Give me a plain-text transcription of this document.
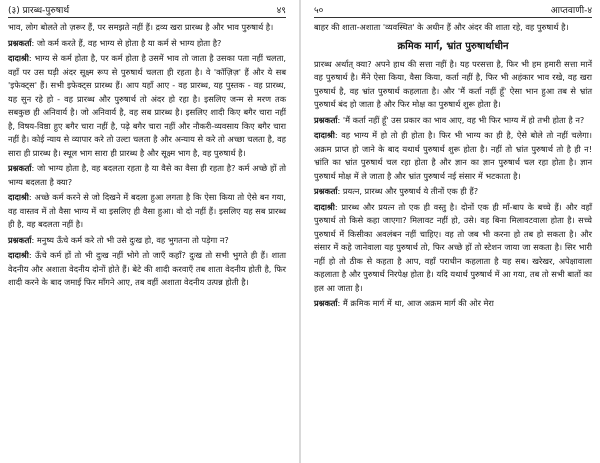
(३) प्रारब्ध-पुरुषार्थ	४९

भाव, लोग बोलते तो ज़रूर हैं, पर समझते नहीं हैं। द्रव्य खरा प्रारब्ध है और भाव पुरुषार्थ है।

प्रश्नकर्ता: जो कर्म करते हैं, वह भाग्य से होता है या कर्म से भाग्य होता है?

दादाश्री: भाग्य से कर्म होता है, पर कर्म होता है उसमें भाव तो जाता है उसका पता नहीं चलता, वहाँ पर उस घड़ी अंदर सूक्ष्म रूप से पुरुषार्थ चलता ही रहता है। वे 'कॉज़िज़' हैं और ये सब 'इफेक्ट्स' हैं। सभी इफेक्ट्स प्रारब्ध हैं। आप यहाँ आए - वह प्रारब्ध, यह पुस्तक - वह प्रारब्ध, यह सुन रहे हो - वह प्रारब्ध और पुरुषार्थ तो अंदर हो रहा है। इसलिए जन्म से मरण तक सबकुछ ही अनिवार्य है। जो अनिवार्य है, वह सब प्रारब्ध है। इसलिए शादी किए बगैर चारा नहीं है, विषय-विष्ठा हुए बगैर चारा नहीं है, पढ़े बगैर चारा नहीं और नौकरी-व्यवसाय किए बगैर चारा नहीं है। कोई न्याय से व्यापार करे तो उल्टा चलता है और अन्याय से करे तो अच्छा चलता है, वह सारा ही प्रारब्ध है। स्थूल भाग सारा ही प्रारब्ध है और सूक्ष्म भाग है, वह पुरुषार्थ है।

प्रश्नकर्ता: जो भाग्य होता है, वह बदलता रहता है या वैसे का वैसा ही रहता है? कर्म अच्छे हों तो भाग्य बदलता है क्या?

दादाश्री: अच्छे कर्म करने से जो दिखने में बदला हुआ लगता है कि ऐसा किया तो ऐसे बन गया, वह वास्तव में तो वैसा भाग्य में था इसलिए ही वैसा हुआ। वो दो नहीं हैं। इसलिए यह सब प्रारब्ध ही है, वह बदलता नहीं है।

प्रश्नकर्ता: मनुष्य ऊँचे कर्म करे तो भी उसे दुःख हो, वह भुगतना तो पड़ेगा न?

दादाश्री: ऊँचे कर्म हों तो भी दुःख नहीं भोगे तो जाएँ कहाँ? दुःख तो सभी भुगते ही हैं। शाता वेदनीय और अशाता वेदनीय दोनों होते हैं। बेटे की शादी करवाएँ तब शाता वेदनीय होती है, फिर शादी करने के बाद जमाई फिर माँगने आए, तब वहीं अशाता वेदनीय उत्पन्न होती है।

५०	आप्तवाणी-४

बाहर की शाता-अशाता 'व्यवस्थित' के अधीन हैं और अंदर की शाता रहे, वह पुरुषार्थ है।

क्रमिक मार्ग, भ्रांत पुरुषार्थाधीन

प्रारब्ध अर्थात् क्या? अपने हाथ की सत्ता नहीं है। यह परसत्ता है, फिर भी हम हमारी सत्ता मानें वह पुरुषार्थ है। मैंने ऐसा किया, वैसा किया, कर्ता नहीं है, फिर भी अहंकार भाव रखे, वह खरा पुरुषार्थ है, वह भ्रांत पुरुषार्थ कहलाता है। और 'मैं कर्ता नहीं हूँ' ऐसा भान हुआ तब से भ्रांत पुरुषार्थ बंद हो जाता है और फिर मोक्ष का पुरुषार्थ शुरू होता है।

प्रश्नकर्ता: 'मैं कर्ता नहीं हूँ' उस प्रकार का भाव आए, वह भी फिर भाग्य में हो तभी होता है न?

दादाश्री: वह भाग्य में हो तो ही होता है। फिर भी भाग्य का ही है, ऐसे बोले तो नहीं चलेगा। अक्रम प्राप्त हो जाने के बाद यथार्थ पुरुषार्थ शुरू होता है। नहीं तो भ्रांत पुरुषार्थ तो है ही न! भ्रांति का भ्रांत पुरुषार्थ चल रहा होता है और ज्ञान का ज्ञान पुरुषार्थ चल रहा होता है। ज्ञान पुरुषार्थ मोक्ष में ले जाता है और भ्रांत पुरुषार्थ नई संसार में भटकाता है।

प्रश्नकर्ता: प्रयत्न, प्रारब्ध और पुरुषार्थ ये तीनों एक ही हैं?

दादाश्री: प्रारब्ध और प्रयत्न तो एक ही वस्तु है। दोनों एक ही माँ-बाप के बच्चे हैं। और वहाँ पुरुषार्थ तो किसे कहा जाएगा? मिलावट नहीं हो, उसे। वह बिना मिलावटवाला होता है। सच्चे पुरुषार्थ में किसीका अवलंबन नहीं चाहिए। वह तो जब भी करना हो तब हो सकता है। और संसार में कहे जानेवाला यह पुरुषार्थ तो, फिर अच्छे हों तो स्टेशन जाया जा सकता है। सिर भारी नहीं हो तो ठीक से कहता है आप, वहाँ पराधीन कहलाता है यह सब। खरेखर, अपेक्षावाला कहलाता है और पुरुषार्थ निरपेक्ष होता है। यदि यथार्थ पुरुषार्थ में आ गया, तब तो सभी बातों का हल आ जाता है।

प्रश्नकर्ता: मैं क्रमिक मार्ग में था, आज अक्रम मार्ग की ओर मेरा
